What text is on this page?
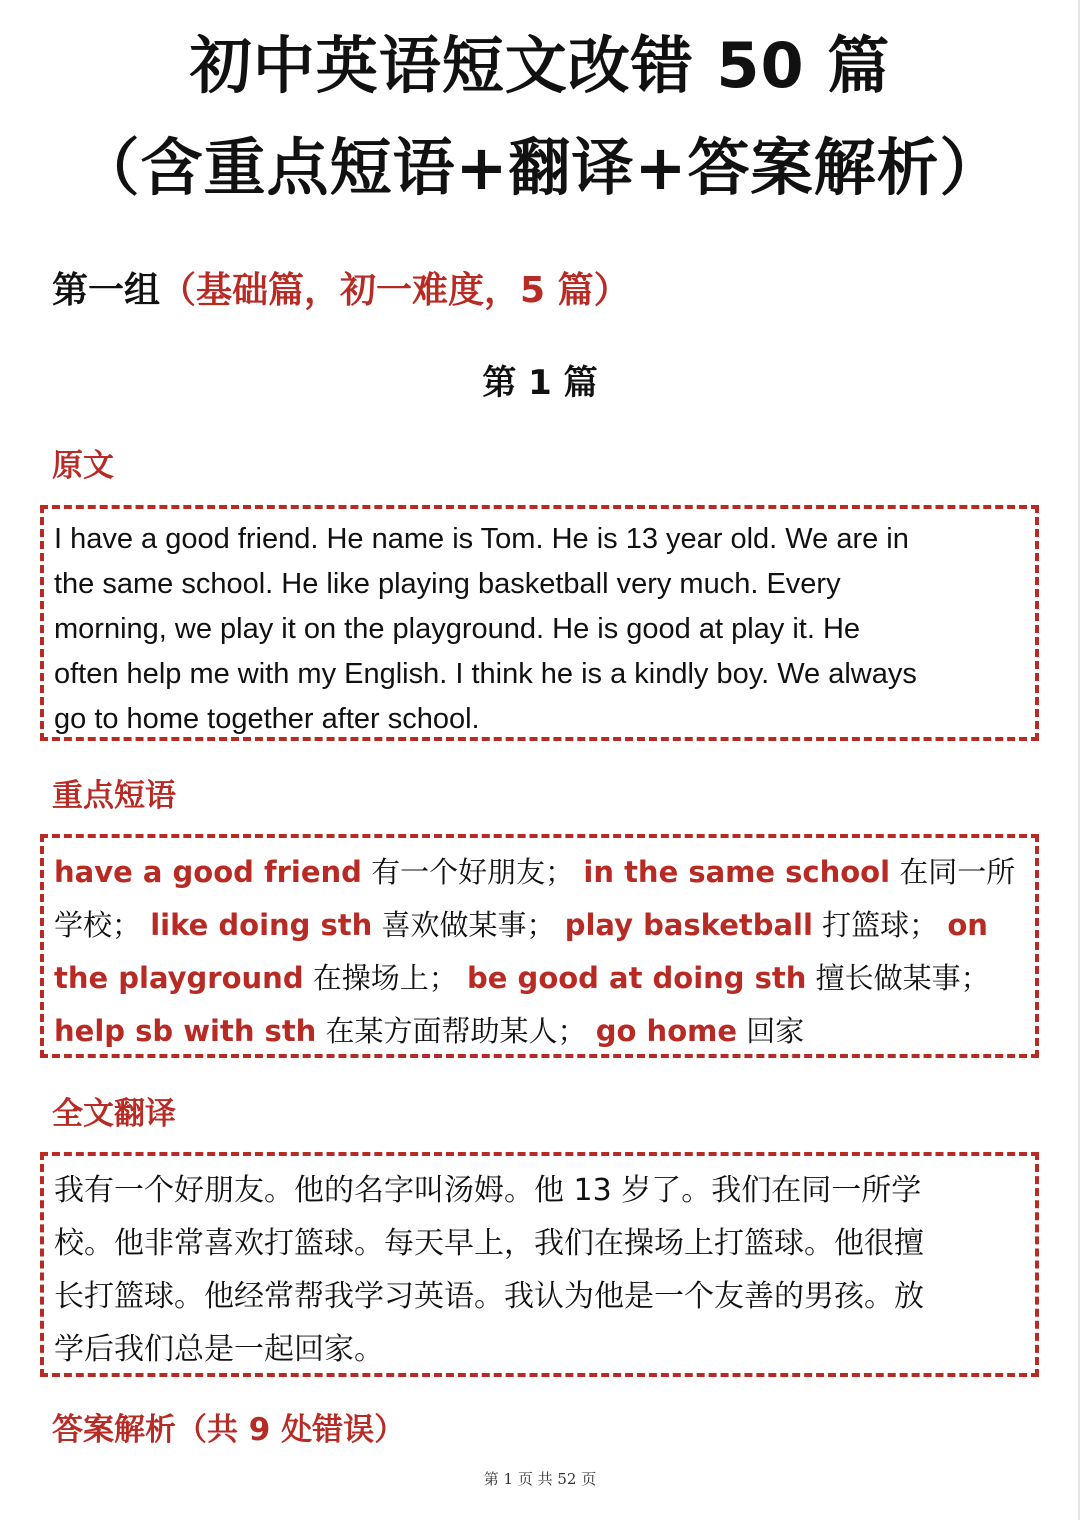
初中英语短文改错 50 篇
（含重点短语+翻译+答案解析）
第一组（基础篇，初一难度，5 篇）
第 1 篇
原文
I have a good friend. He name is Tom. He is 13 year old. We are in
the same school. He like playing basketball very much. Every
morning, we play it on the playground. He is good at play it. He
often help me with my English. I think he is a kindly boy. We always
go to home together after school.
重点短语
have a good friend 有一个好朋友； in the same school 在同一所
学校； like doing sth 喜欢做某事； play basketball 打篮球； on
the playground 在操场上； be good at doing sth 擅长做某事；
help sb with sth 在某方面帮助某人； go home 回家
全文翻译
我有一个好朋友。他的名字叫汤姆。他 13 岁了。我们在同一所学
校。他非常喜欢打篮球。每天早上，我们在操场上打篮球。他很擅
长打篮球。他经常帮我学习英语。我认为他是一个友善的男孩。放
学后我们总是一起回家。
答案解析（共 9 处错误）
第 1 页 共 52 页
